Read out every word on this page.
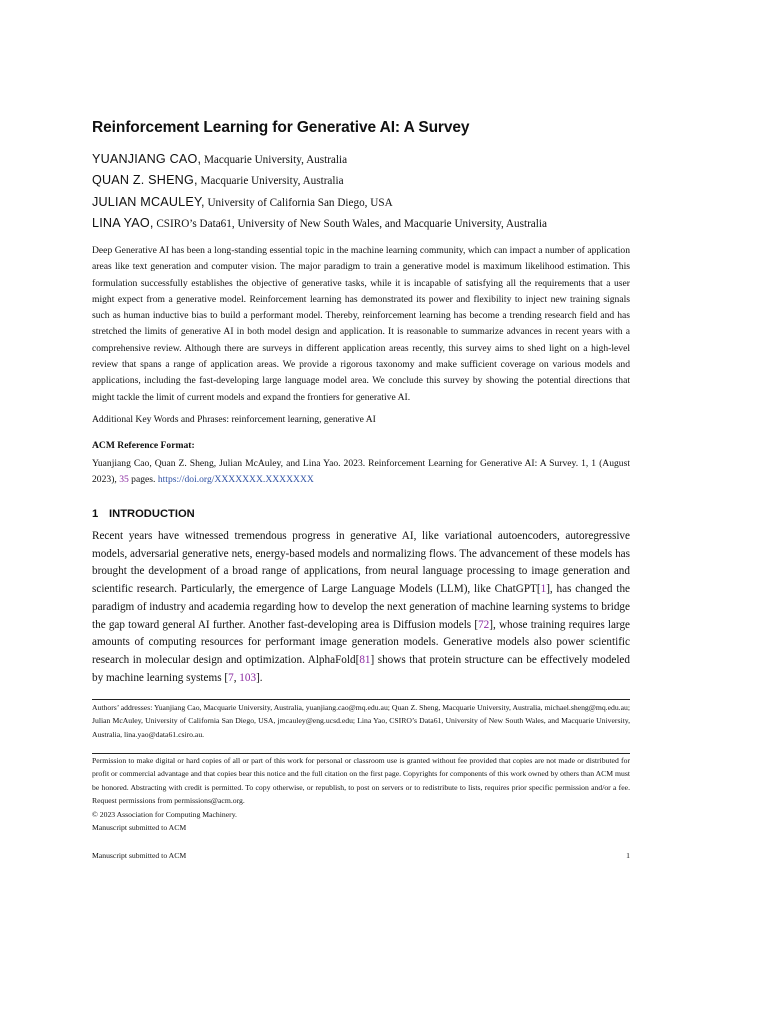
Reinforcement Learning for Generative AI: A Survey
YUANJIANG CAO, Macquarie University, Australia
QUAN Z. SHENG, Macquarie University, Australia
JULIAN MCAULEY, University of California San Diego, USA
LINA YAO, CSIRO’s Data61, University of New South Wales, and Macquarie University, Australia
Deep Generative AI has been a long-standing essential topic in the machine learning community, which can impact a number of application areas like text generation and computer vision. The major paradigm to train a generative model is maximum likelihood estimation. This formulation successfully establishes the objective of generative tasks, while it is incapable of satisfying all the requirements that a user might expect from a generative model. Reinforcement learning has demonstrated its power and flexibility to inject new training signals such as human inductive bias to build a performant model. Thereby, reinforcement learning has become a trending research field and has stretched the limits of generative AI in both model design and application. It is reasonable to summarize advances in recent years with a comprehensive review. Although there are surveys in different application areas recently, this survey aims to shed light on a high-level review that spans a range of application areas. We provide a rigorous taxonomy and make sufficient coverage on various models and applications, including the fast-developing large language model area. We conclude this survey by showing the potential directions that might tackle the limit of current models and expand the frontiers for generative AI.
Additional Key Words and Phrases: reinforcement learning, generative AI
ACM Reference Format:
Yuanjiang Cao, Quan Z. Sheng, Julian McAuley, and Lina Yao. 2023. Reinforcement Learning for Generative AI: A Survey. 1, 1 (August 2023), 35 pages. https://doi.org/XXXXXXX.XXXXXXX
1 INTRODUCTION
Recent years have witnessed tremendous progress in generative AI, like variational autoencoders, autoregressive models, adversarial generative nets, energy-based models and normalizing flows. The advancement of these models has brought the development of a broad range of applications, from neural language processing to image generation and scientific research. Particularly, the emergence of Large Language Models (LLM), like ChatGPT[1], has changed the paradigm of industry and academia regarding how to develop the next generation of machine learning systems to bridge the gap toward general AI further. Another fast-developing area is Diffusion models [72], whose training requires large amounts of computing resources for performant image generation models. Generative models also power scientific research in molecular design and optimization. AlphaFold[81] shows that protein structure can be effectively modeled by machine learning systems [7, 103].
Authors’ addresses: Yuanjiang Cao, Macquarie University, Australia, yuanjiang.cao@mq.edu.au; Quan Z. Sheng, Macquarie University, Australia, michael.sheng@mq.edu.au; Julian McAuley, University of California San Diego, USA, jmcauley@eng.ucsd.edu; Lina Yao, CSIRO’s Data61, University of New South Wales, and Macquarie University, Australia, lina.yao@data61.csiro.au.
Permission to make digital or hard copies of all or part of this work for personal or classroom use is granted without fee provided that copies are not made or distributed for profit or commercial advantage and that copies bear this notice and the full citation on the first page. Copyrights for components of this work owned by others than ACM must be honored. Abstracting with credit is permitted. To copy otherwise, or republish, to post on servers or to redistribute to lists, requires prior specific permission and/or a fee. Request permissions from permissions@acm.org.
© 2023 Association for Computing Machinery.
Manuscript submitted to ACM
Manuscript submitted to ACM	1
